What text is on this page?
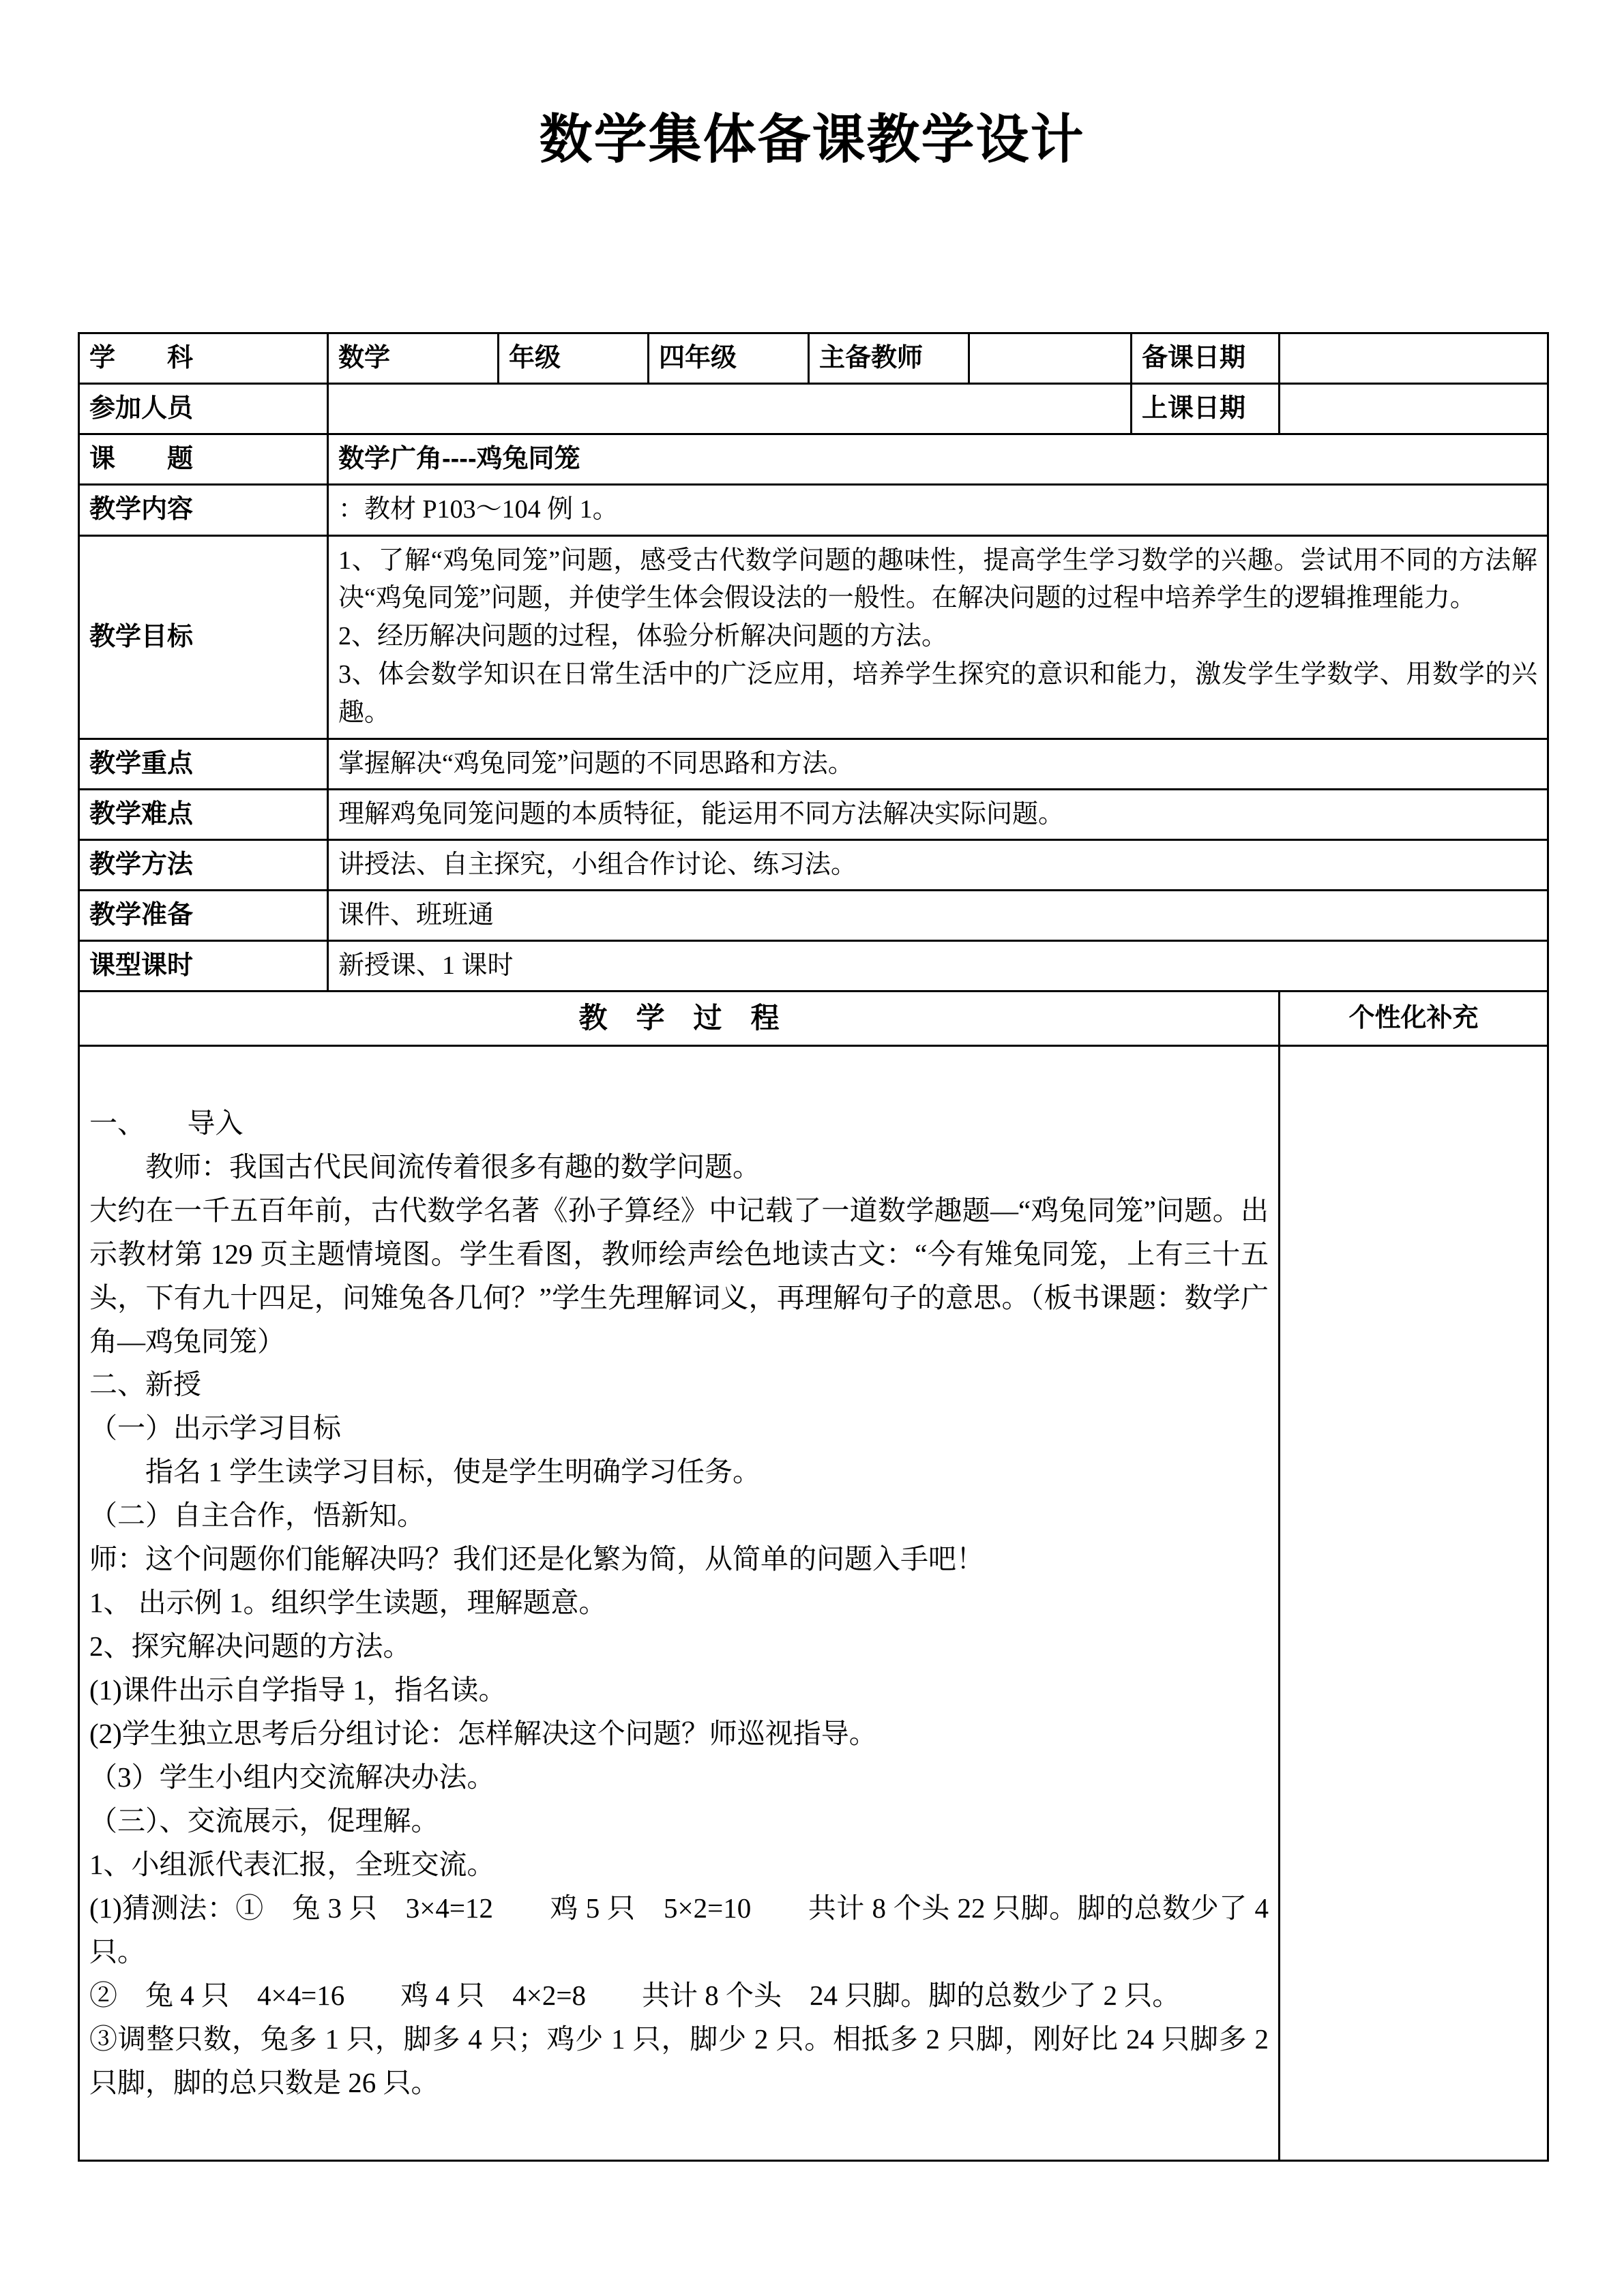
数学集体备课教学设计
学　　科	数学	年级	四年级	主备教师		备课日期	
参加人员						上课日期	
课　　题	数学广角----鸡兔同笼						
教学内容	：教材 P103～104 例 1。						
教学目标	1、了解“鸡兔同笼”问题，感受古代数学问题的趣味性，提高学生学习数学的兴趣。尝试用不同的方法解决“鸡兔同笼”问题，并使学生体会假设法的一般性。在解决问题的过程中培养学生的逻辑推理能力。
2、经历解决问题的过程，体验分析解决问题的方法。
3、体会数学知识在日常生活中的广泛应用，培养学生探究的意识和能力，激发学生学数学、用数学的兴趣。						

教学重点	掌握解决“鸡兔同笼”问题的不同思路和方法。						
教学难点	理解鸡兔同笼问题的本质特征，能运用不同方法解决实际问题。						
教学方法	讲授法、自主探究，小组合作讨论、练习法。						
教学准备	课件、班班通						
课型课时	新授课、1 课时						
教　学　过　程							个性化补充

一、　　导入
　　教师：我国古代民间流传着很多有趣的数学问题。
大约在一千五百年前，古代数学名著《孙子算经》中记载了一道数学趣题—“鸡兔同笼”问题。出示教材第 129 页主题情境图。学生看图，教师绘声绘色地读古文：“今有雉兔同笼，上有三十五头，下有九十四足，问雉兔各几何？”学生先理解词义，再理解句子的意思。（板书课题：数学广角—鸡兔同笼）
二、新授
（一）出示学习目标
　　指名 1 学生读学习目标，使是学生明确学习任务。
（二）自主合作，悟新知。
师：这个问题你们能解决吗？我们还是化繁为简，从简单的问题入手吧！
1、 出示例 1。组织学生读题，理解题意。
2、探究解决问题的方法。
(1)课件出示自学指导 1，指名读。
(2)学生独立思考后分组讨论：怎样解决这个问题？师巡视指导。
（3）学生小组内交流解决办法。
（三）、交流展示，促理解。
1、小组派代表汇报，全班交流。
(1)猜测法：①　兔 3 只　3×4=12　　鸡 5 只　5×2=10　　共计 8 个头 22 只脚。脚的总数少了 4 只。
②　兔 4 只　4×4=16　　鸡 4 只　4×2=8　　共计 8 个头　24 只脚。脚的总数少了 2 只。
③调整只数，兔多 1 只，脚多 4 只；鸡少 1 只，脚少 2 只。相抵多 2 只脚，刚好比 24 只脚多 2 只脚，脚的总只数是 26 只。
